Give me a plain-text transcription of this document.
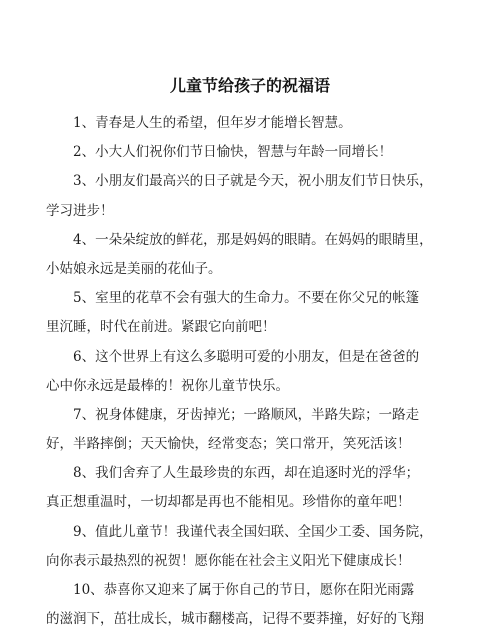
儿童节给孩子的祝福语
1、青春是人生的希望，但年岁才能增长智慧。
2、小大人们祝你们节日愉快，智慧与年龄一同增长！
3、小朋友们最高兴的日子就是今天，祝小朋友们节日快乐，
学习进步！
4、一朵朵绽放的鲜花，那是妈妈的眼睛。在妈妈的眼睛里，
小姑娘永远是美丽的花仙子。
5、室里的花草不会有强大的生命力。不要在你父兄的帐篷
里沉睡，时代在前进。紧跟它向前吧！
6、这个世界上有这么多聪明可爱的小朋友，但是在爸爸的
心中你永远是最棒的！祝你儿童节快乐。
7、祝身体健康，牙齿掉光；一路顺风，半路失踪；一路走
好，半路摔倒；天天愉快，经常变态；笑口常开，笑死活该！
8、我们舍弃了人生最珍贵的东西，却在追逐时光的浮华；
真正想重温时，一切却都是再也不能相见。珍惜你的童年吧！
9、值此儿童节！我谨代表全国妇联、全国少工委、国务院，
向你表示最热烈的祝贺！愿你能在社会主义阳光下健康成长！
10、恭喜你又迎来了属于你自己的节日，愿你在阳光雨露
的滋润下，茁壮成长，城市翻楼高，记得不要莽撞，好好的飞翔
